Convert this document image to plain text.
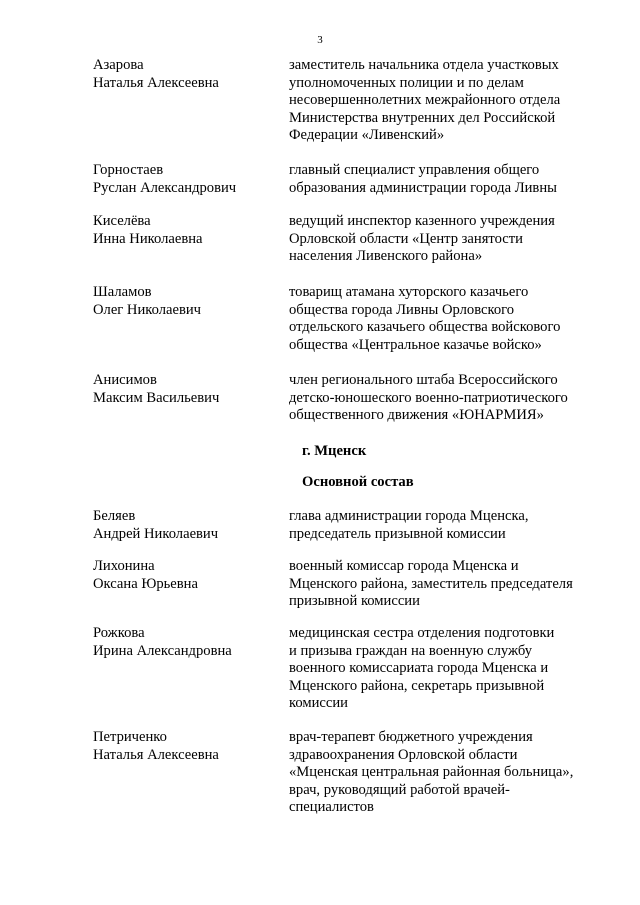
3
Азарова
Наталья Алексеевна
заместитель начальника отдела участковых
уполномоченных полиции и по делам
несовершеннолетних межрайонного отдела
Министерства внутренних дел Российской
Федерации «Ливенский»
Горностаев
Руслан Александрович
главный специалист управления общего
образования администрации города Ливны
Киселёва
Инна Николаевна
ведущий инспектор казенного учреждения
Орловской области «Центр занятости
населения Ливенского района»
Шаламов
Олег Николаевич
товарищ атамана хуторского казачьего
общества города Ливны Орловского
отдельского казачьего общества войскового
общества «Центральное казачье войско»
Анисимов
Максим Васильевич
член регионального штаба Всероссийского
детско-юношеского военно-патриотического
общественного движения «ЮНАРМИЯ»
г. Мценск
Основной состав
Беляев
Андрей Николаевич
глава администрации города Мценска,
председатель призывной комиссии
Лихонина
Оксана Юрьевна
военный комиссар города Мценска и
Мценского района, заместитель председателя
призывной комиссии
Рожкова
Ирина Александровна
медицинская сестра отделения подготовки
и призыва граждан на военную службу
военного комиссариата города Мценска и
Мценского района, секретарь призывной
комиссии
Петриченко
Наталья Алексеевна
врач-терапевт бюджетного учреждения
здравоохранения Орловской области
«Мценская центральная районная больница»,
врач, руководящий работой врачей-
специалистов
